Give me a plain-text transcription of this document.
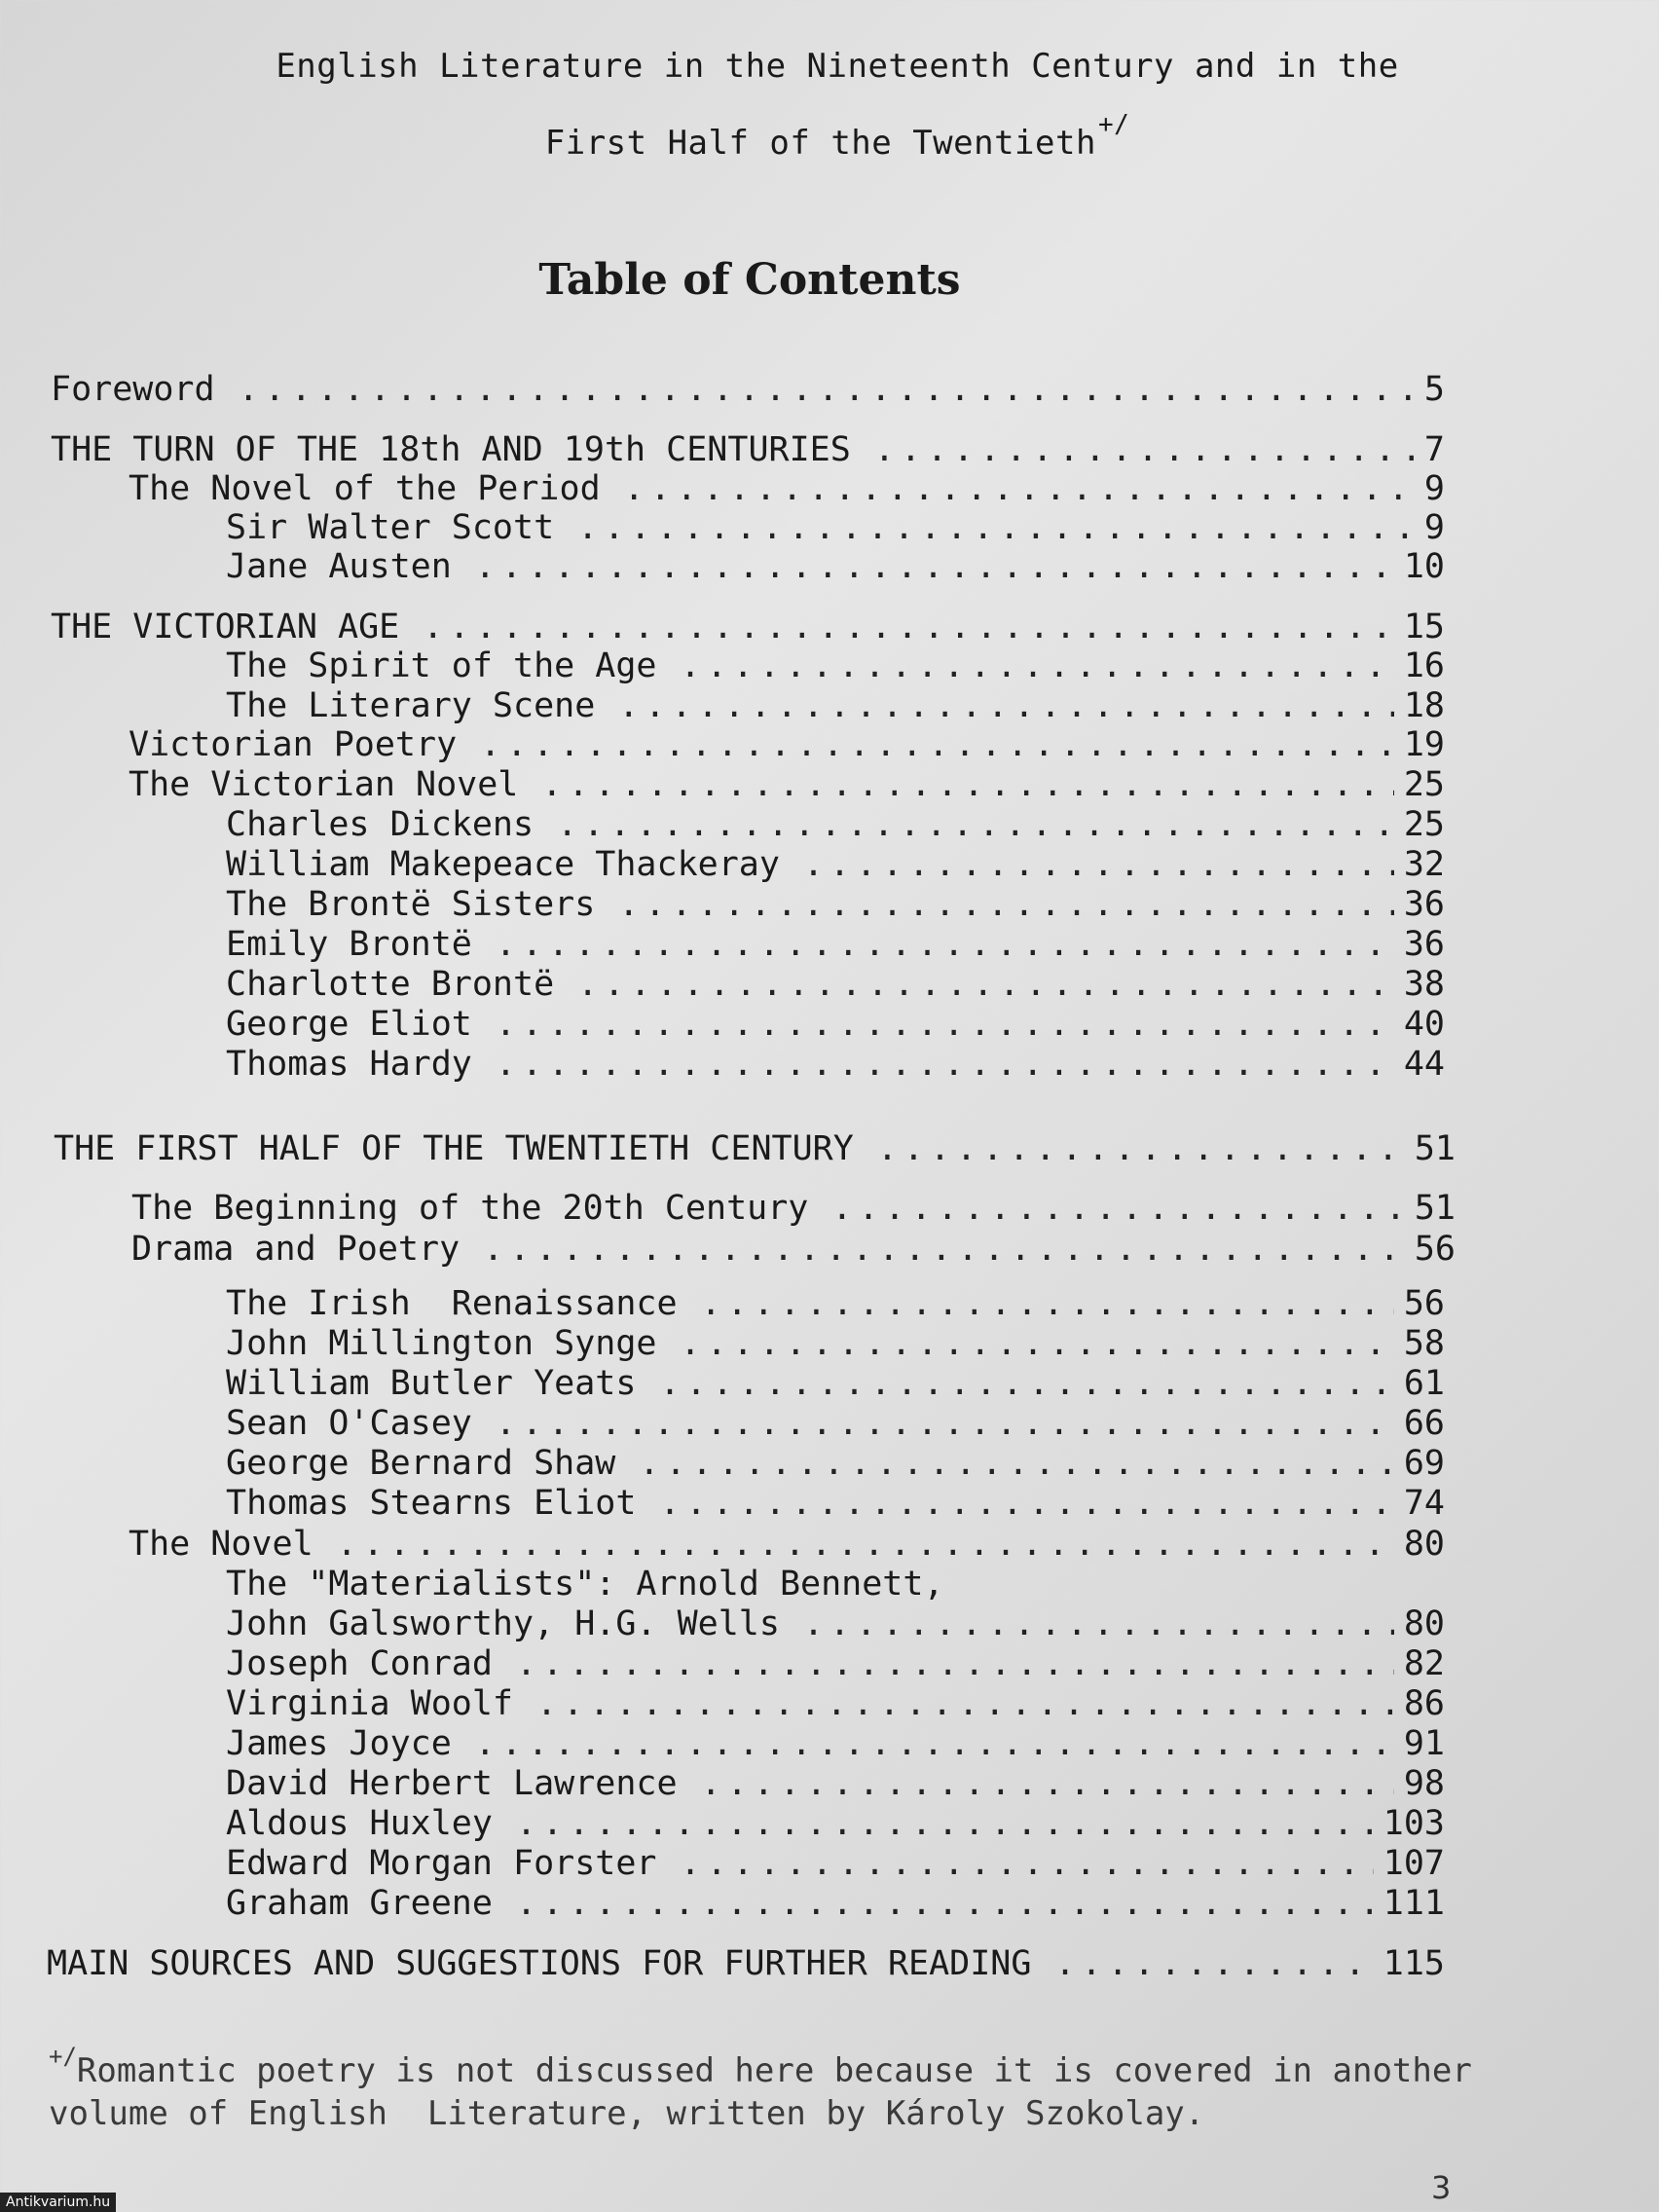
English Literature in the Nineteenth Century and in the
First Half of the Twentieth+/
Table of Contents
Foreword .....	5
THE TURN OF THE 18th AND 19th CENTURIES .....	7
The Novel of the Period .....	9
Sir Walter Scott .....	9
Jane Austen .....	10
THE VICTORIAN AGE .....	15
The Spirit of the Age .....	16
The Literary Scene .....	18
Victorian Poetry .....	19
The Victorian Novel .....	25
Charles Dickens .....	25
William Makepeace Thackeray .....	32
The Brontë Sisters .....	36
Emily Brontë .....	36
Charlotte Brontë .....	38
George Eliot .....	40
Thomas Hardy .....	44
THE FIRST HALF OF THE TWENTIETH CENTURY .....	51
The Beginning of the 20th Century .....	51
Drama and Poetry .....	56
The Irish  Renaissance .....	56
John Millington Synge .....	58
William Butler Yeats .....	61
Sean O'Casey .....	66
George Bernard Shaw .....	69
Thomas Stearns Eliot .....	74
The Novel .....	80
The "Materialists": Arnold Bennett,
John Galsworthy, H.G. Wells .....	80
Joseph Conrad .....	82
Virginia Woolf .....	86
James Joyce .....	91
David Herbert Lawrence .....	98
Aldous Huxley .....	103
Edward Morgan Forster .....	107
Graham Greene .....	111
MAIN SOURCES AND SUGGESTIONS FOR FURTHER READING .....	115
+/Romantic poetry is not discussed here because it is covered in another
volume of English  Literature, written by Károly Szokolay.
3
Antikvarium.hu
